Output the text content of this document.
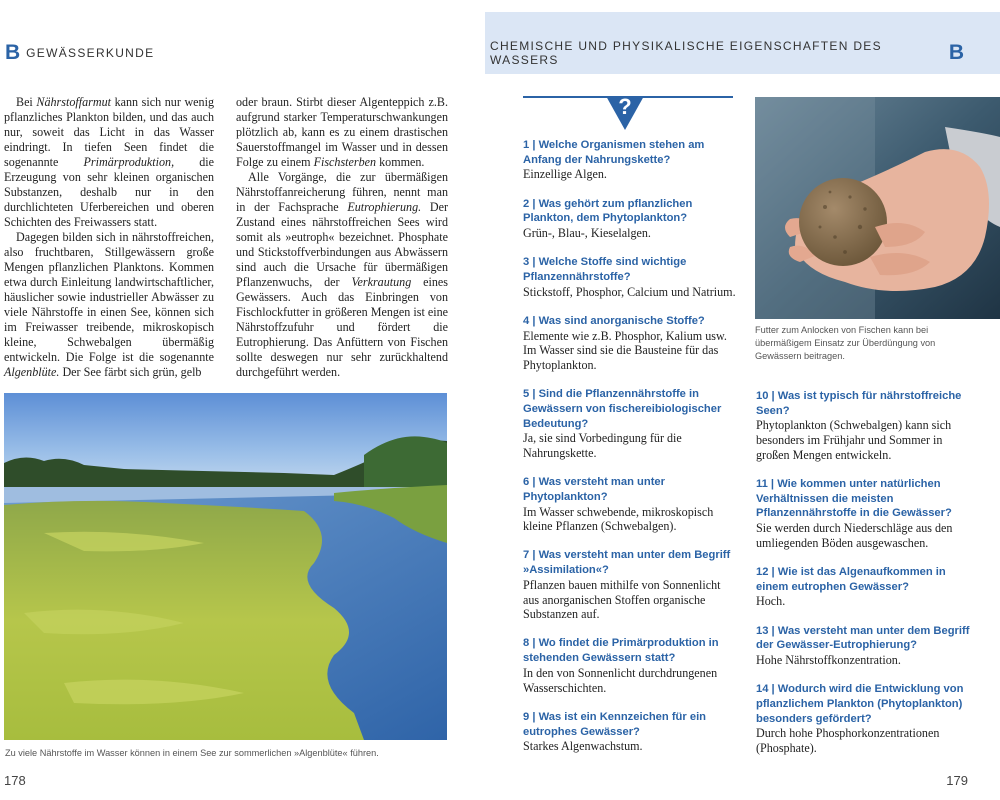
B GEWÄSSERKUNDE

Bei Nährstoffarmut kann sich nur wenig pflanzliches Plankton bilden, und das auch nur, soweit das Licht in das Wasser eindringt. In tiefen Seen findet die sogenannte Primärproduktion, die Erzeugung von sehr kleinen organischen Substanzen, deshalb nur in den durchlichteten Uferbereichen und oberen Schichten des Freiwassers statt.

Dagegen bilden sich in nährstoffreichen, also fruchtbaren, Stillgewässern große Mengen pflanzlichen Planktons. Kommen etwa durch Einleitung landwirtschaftlicher, häuslicher sowie industrieller Abwässer zu viele Nährstoffe in einen See, können sich im Freiwasser treibende, mikroskopisch kleine, Schwebalgen übermäßig entwickeln. Die Folge ist die sogenannte Algenblüte. Der See färbt sich grün, gelb

oder braun. Stirbt dieser Algenteppich z.B. aufgrund starker Temperaturschwankungen plötzlich ab, kann es zu einem drastischen Sauerstoffmangel im Wasser und in dessen Folge zu einem Fischsterben kommen.

Alle Vorgänge, die zur übermäßigen Nährstoffanreicherung führen, nennt man in der Fachsprache Eutrophierung. Der Zustand eines nährstoffreichen Sees wird somit als »eutroph« bezeichnet. Phosphate und Stickstoffverbindungen aus Abwässern sind auch die Ursache für übermäßigen Pflanzenwuchs, der Verkrautung eines Gewässers. Auch das Einbringen von Fischlockfutter in größeren Mengen ist eine Nährstoffzufuhr und fördert die Eutrophierung. Das Anfüttern von Fischen sollte deswegen nur sehr zurückhaltend durchgeführt werden.

Zu viele Nährstoffe im Wasser können in einem See zur sommerlichen »Algenblüte« führen.
178
CHEMISCHE UND PHYSIKALISCHE EIGENSCHAFTEN DES WASSERS	B
?
1 | Welche Organismen stehen am Anfang der Nahrungskette?
Einzellige Algen.
2 | Was gehört zum pflanzlichen Plankton, dem Phytoplankton?
Grün-, Blau-, Kieselalgen.
3 | Welche Stoffe sind wichtige Pflanzennährstoffe?
Stickstoff, Phosphor, Calcium und Natrium.
4 | Was sind anorganische Stoffe?
Elemente wie z.B. Phosphor, Kalium usw. Im Wasser sind sie die Bausteine für das Phytoplankton.
5 | Sind die Pflanzennährstoffe in Gewässern von fischereibiologischer Bedeutung?
Ja, sie sind Vorbedingung für die Nahrungskette.
6 | Was versteht man unter Phytoplankton?
Im Wasser schwebende, mikroskopisch kleine Pflanzen (Schwebalgen).
7 | Was versteht man unter dem Begriff »Assimilation«?
Pflanzen bauen mithilfe von Sonnenlicht aus anorganischen Stoffen organische Substanzen auf.
8 | Wo findet die Primärproduktion in stehenden Gewässern statt?
In den von Sonnenlicht durchdrungenen Wasserschichten.
9 | Was ist ein Kennzeichen für ein eutrophes Gewässer?
Starkes Algenwachstum.
Futter zum Anlocken von Fischen kann bei übermäßigem Einsatz zur Überdüngung von Gewässern beitragen.
10 | Was ist typisch für nährstoffreiche Seen?
Phytoplankton (Schwebalgen) kann sich besonders im Frühjahr und Sommer in großen Mengen entwickeln.
11 | Wie kommen unter natürlichen Verhältnissen die meisten Pflanzennährstoffe in die Gewässer?
Sie werden durch Niederschläge aus den umliegenden Böden ausgewaschen.
12 | Wie ist das Algenaufkommen in einem eutrophen Gewässer?
Hoch.
13 | Was versteht man unter dem Begriff der Gewässer-Eutrophierung?
Hohe Nährstoffkonzentration.
14 | Wodurch wird die Entwicklung von pflanzlichem Plankton (Phytoplankton) besonders gefördert?
Durch hohe Phosphorkonzentrationen (Phosphate).
179
